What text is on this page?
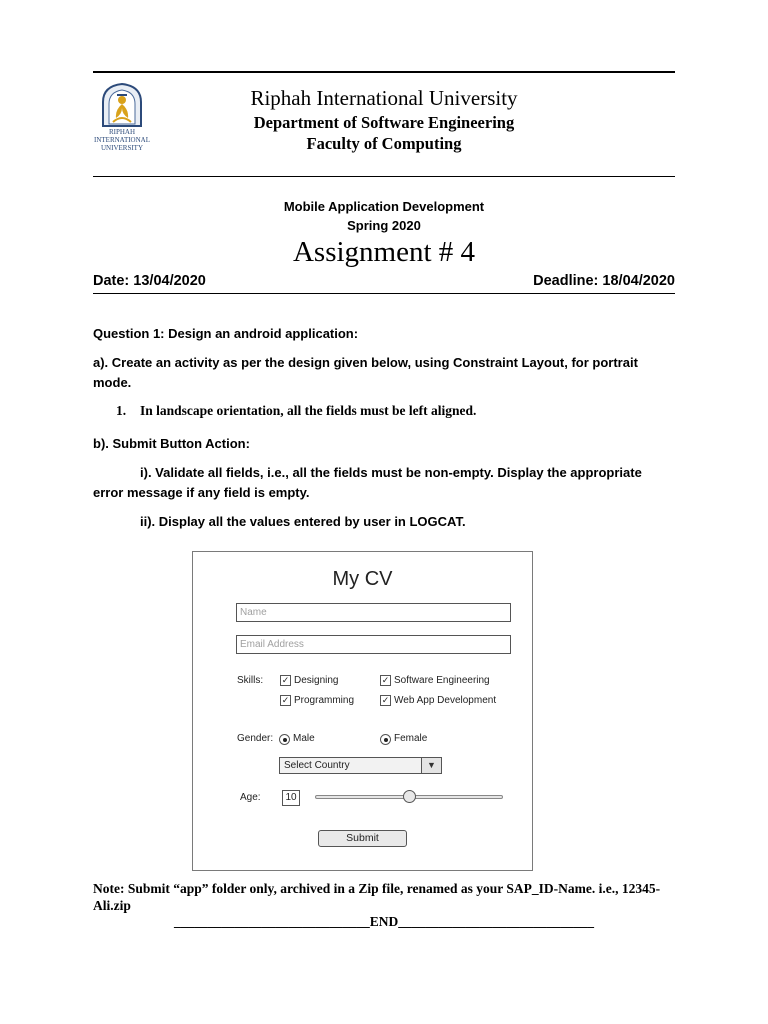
RIPHAH INTERNATIONAL UNIVERSITY
Riphah International University
Department of Software Engineering
Faculty of Computing
Mobile Application Development
Spring 2020
Assignment # 4
Date: 13/04/2020	Deadline: 18/04/2020
Question 1: Design an android application:
a). Create an activity as per the design given below, using Constraint Layout, for portrait mode.
1. In landscape orientation, all the fields must be left aligned.
b). Submit Button Action:
i). Validate all fields, i.e., all the fields must be non-empty. Display the appropriate error message if any field is empty.
ii). Display all the values entered by user in LOGCAT.
My CV
Name
Email Address
Skills: ✓ Designing	✓ Software Engineering
✓ Programming	✓ Web App Development
Gender: Male	Female
Select Country	▼
Age:	10
Submit
Note: Submit “app” folder only, archived in a Zip file, renamed as your SAP_ID-Name. i.e., 12345-Ali.zip
_____________________________END_____________________________
